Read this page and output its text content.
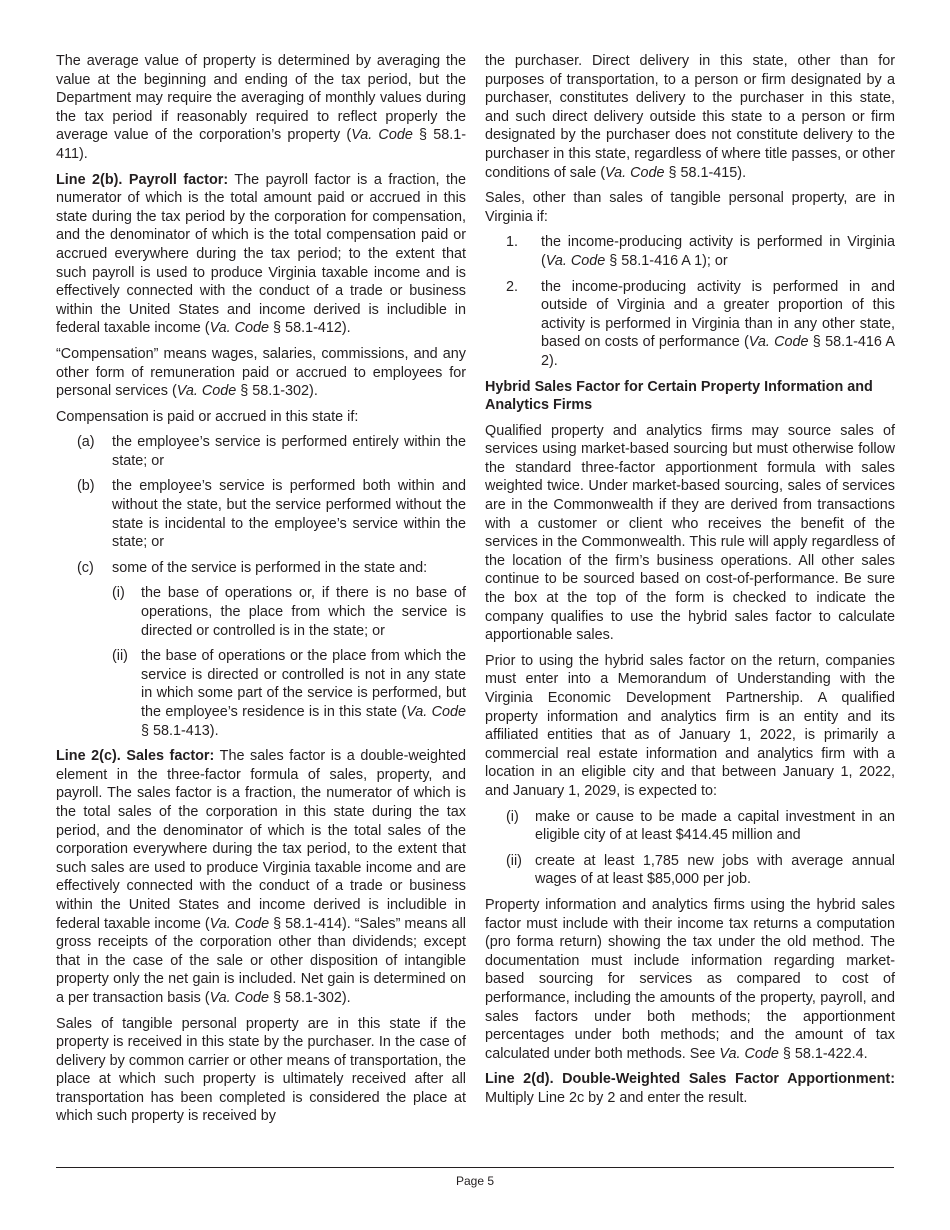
The average value of property is determined by averaging the value at the beginning and ending of the tax period, but the Department may require the averaging of monthly values during the tax period if reasonably required to reflect properly the average value of the corporation’s property (Va. Code § 58.1-411).

Line 2(b). Payroll factor: The payroll factor is a fraction, the numerator of which is the total amount paid or accrued in this state during the tax period by the corporation for compensation, and the denominator of which is the total compensation paid or accrued everywhere during the tax period; to the extent that such payroll is used to produce Virginia taxable income and is effectively connected with the conduct of a trade or business within the United States and income derived is includible in federal taxable income (Va. Code § 58.1-412).

“Compensation” means wages, salaries, commissions, and any other form of remuneration paid or accrued to employees for personal services (Va. Code § 58.1-302).

Compensation is paid or accrued in this state if:

(a) the employee’s service is performed entirely within the state; or
(b) the employee’s service is performed both within and without the state, but the service performed without the state is incidental to the employee’s service within the state; or
(c) some of the service is performed in the state and:
(i)	the base of operations or, if there is no base of operations, the place from which the service is directed or controlled is in the state; or
(ii) the base of operations or the place from which the service is directed or controlled is not in any state in which some part of the service is performed, but the employee’s residence is in this state (Va. Code § 58.1-413).

Line 2(c). Sales factor: The sales factor is a double-weighted element in the three-factor formula of sales, property, and payroll. The sales factor is a fraction, the numerator of which is the total sales of the corporation in this state during the tax period, and the denominator of which is the total sales of the corporation everywhere during the tax period, to the extent that such sales are used to produce Virginia taxable income and are effectively connected with the conduct of a trade or business within the United States and income derived is includible in federal taxable income (Va. Code § 58.1-414). “Sales” means all gross receipts of the corporation other than dividends; except that in the case of the sale or other disposition of intangible property only the net gain is included. Net gain is determined on a per transaction basis (Va. Code § 58.1-302).

Sales of tangible personal property are in this state if the property is received in this state by the purchaser. In the case of delivery by common carrier or other means of transportation, the place at which such property is ultimately received after all transportation has been completed is considered the place at which such property is received by

the purchaser. Direct delivery in this state, other than for purposes of transportation, to a person or firm designated by a purchaser, constitutes delivery to the purchaser in this state, and such direct delivery outside this state to a person or firm designated by the purchaser does not constitute delivery to the purchaser in this state, regardless of where title passes, or other conditions of sale (Va. Code § 58.1-415).

Sales, other than sales of tangible personal property, are in Virginia if:

1.	the income-producing activity is performed in Virginia (Va. Code § 58.1-416 A 1); or
2.	the income-producing activity is performed in and outside of Virginia and a greater proportion of this activity is performed in Virginia than in any other state, based on costs of performance (Va. Code § 58.1-416 A 2).

Hybrid Sales Factor for Certain Property Information and Analytics Firms

Qualified property and analytics firms may source sales of services using market-based sourcing but must otherwise follow the standard three-factor apportionment formula with sales weighted twice. Under market-based sourcing, sales of services are in the Commonwealth if they are derived from transactions with a customer or client who receives the benefit of the services in the Commonwealth. This rule will apply regardless of the location of the firm’s business operations. All other sales continue to be sourced based on cost-of-performance. Be sure the box at the top of the form is checked to indicate the company qualifies to use the hybrid sales factor to calculate apportionable sales.

Prior to using the hybrid sales factor on the return, companies must enter into a Memorandum of Understanding with the Virginia Economic Development Partnership. A qualified property information and analytics firm is an entity and its affiliated entities that as of January 1, 2022, is primarily a commercial real estate information and analytics firm with a location in an eligible city and that between January 1, 2022, and January 1, 2029, is expected to:

(i)	make or cause to be made a capital investment in an eligible city of at least $414.45 million and
(ii) create at least 1,785 new jobs with average annual wages of at least $85,000 per job.

Property information and analytics firms using the hybrid sales factor must include with their income tax returns a computation (pro forma return) showing the tax under the old method. The documentation must include information regarding market-based sourcing for services as compared to cost of performance, including the amounts of the property, payroll, and sales factors under both methods; the apportionment percentages under both methods; and the amount of tax calculated under both methods. See Va. Code § 58.1-422.4.

Line 2(d). Double-Weighted Sales Factor Apportionment: Multiply Line 2c by 2 and enter the result.

Page 5
